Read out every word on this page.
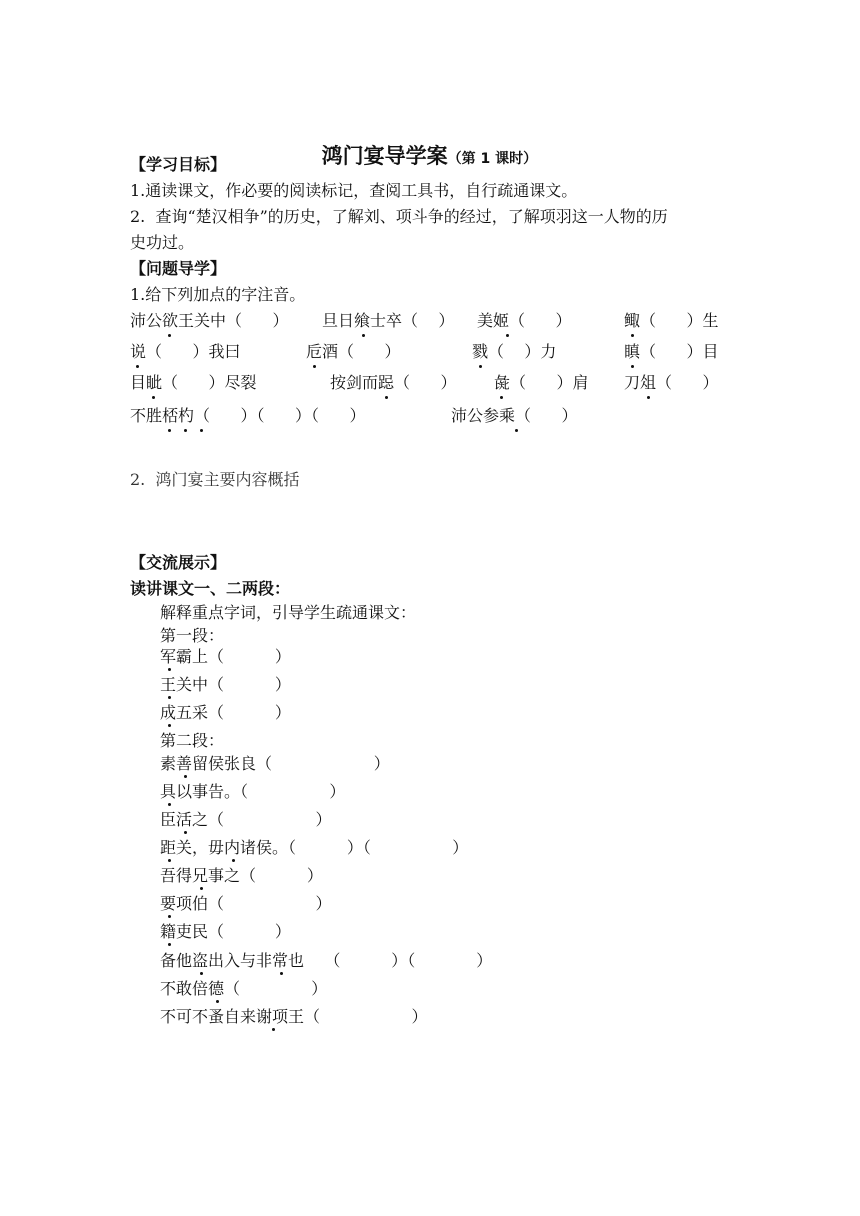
鸿门宴导学案（第 1 课时）

【学习目标】
1.通读课文，作必要的阅读标记，查阅工具书，自行疏通课文。
2.  查询“楚汉相争”的历史，了解刘、项斗争的经过，了解项羽这一人物的历
史功过。
【问题导学】
1.给下列加点的字注音。
沛公欲王关中（      ） 旦日飨士卒（    ） 美姬（      ）	鲰（      ）生
说（      ）我曰	卮酒（      ）	戮（    ）力	瞋（      ）目
目眦（      ）尽裂	按剑而跽（      ） 彘（      ）肩 刀俎（      ）
不胜桮杓（      ）（      ）（      ）	沛公参乘（      ）
2.  鸿门宴主要内容概括
【交流展示】
读讲课文一、二两段：
解释重点字词，引导学生疏通课文：
第一段：
军霸上（          ）
王关中（          ）
成五采（          ）
第二段：
素善留侯张良（                    ）
具以事告。（                ）
臣活之（                  ）
距关，毋内诸侯。（          ）（                ）
吾得兄事之（          ）
要项伯（                  ）
籍吏民（          ）
备他盗出入与非常也    （          ）（            ）
不敢倍德（              ）
不可不蚤自来谢项王（                  ）
